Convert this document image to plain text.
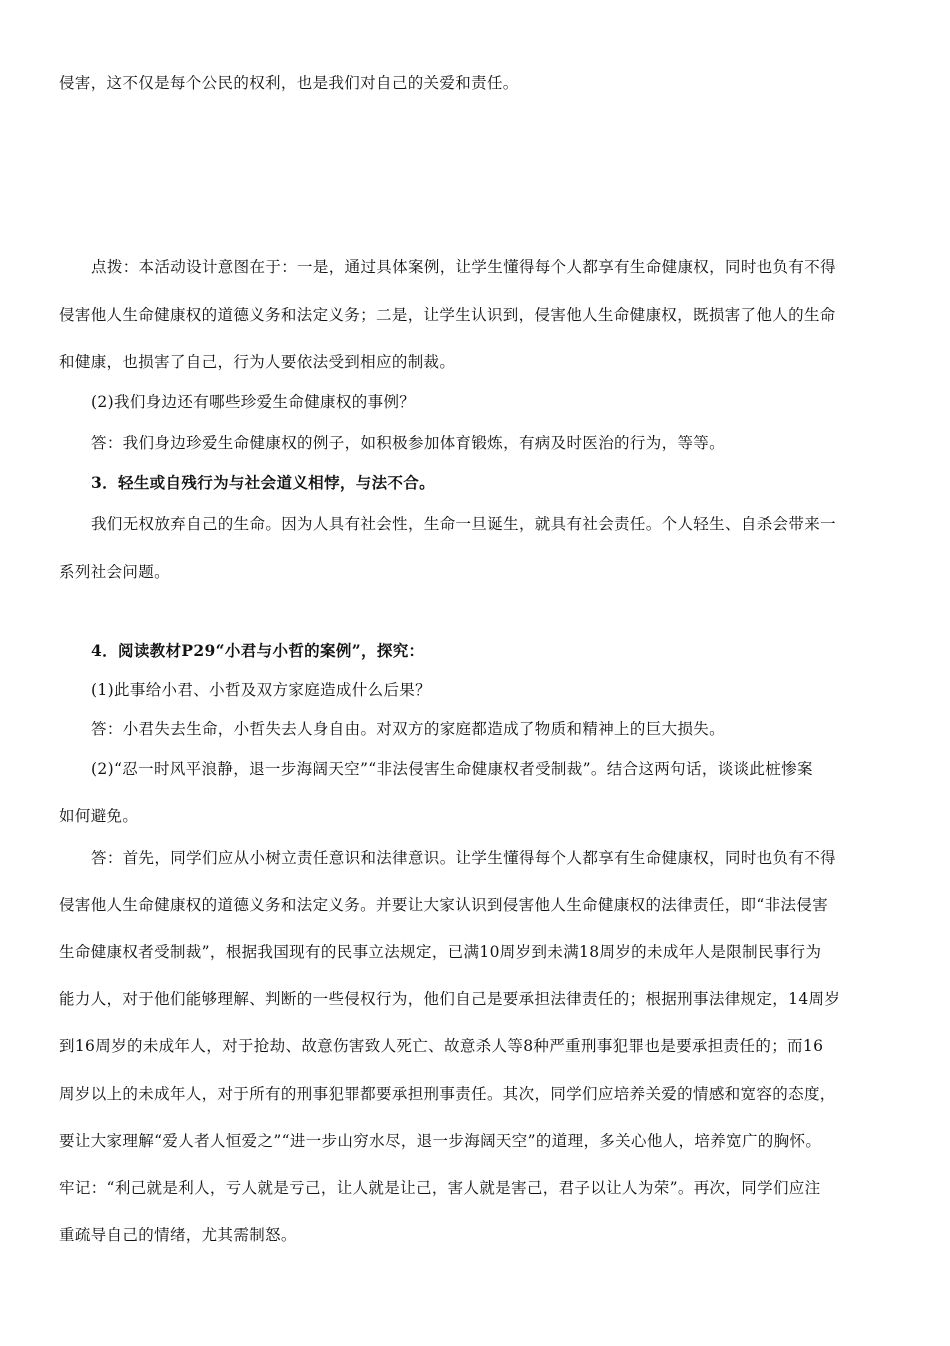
侵害，这不仅是每个公民的权利，也是我们对自己的关爱和责任。
点拨：本活动设计意图在于：一是，通过具体案例，让学生懂得每个人都享有生命健康权，同时也负有不得
侵害他人生命健康权的道德义务和法定义务；二是，让学生认识到，侵害他人生命健康权，既损害了他人的生命
和健康，也损害了自己，行为人要依法受到相应的制裁。
(2)我们身边还有哪些珍爱生命健康权的事例？
答：我们身边珍爱生命健康权的例子，如积极参加体育锻炼，有病及时医治的行为，等等。
3．轻生或自残行为与社会道义相悖，与法不合。
我们无权放弃自己的生命。因为人具有社会性，生命一旦诞生，就具有社会责任。个人轻生、自杀会带来一
系列社会问题。
4．阅读教材P29“小君与小哲的案例”，探究：
(1)此事给小君、小哲及双方家庭造成什么后果？
答：小君失去生命，小哲失去人身自由。对双方的家庭都造成了物质和精神上的巨大损失。
(2)“忍一时风平浪静，退一步海阔天空”“非法侵害生命健康权者受制裁”。结合这两句话，谈谈此桩惨案
如何避免。
答：首先，同学们应从小树立责任意识和法律意识。让学生懂得每个人都享有生命健康权，同时也负有不得
侵害他人生命健康权的道德义务和法定义务。并要让大家认识到侵害他人生命健康权的法律责任，即“非法侵害
生命健康权者受制裁”，根据我国现有的民事立法规定，已满10周岁到未满18周岁的未成年人是限制民事行为
能力人，对于他们能够理解、判断的一些侵权行为，他们自己是要承担法律责任的；根据刑事法律规定，14周岁
到16周岁的未成年人，对于抢劫、故意伤害致人死亡、故意杀人等8种严重刑事犯罪也是要承担责任的；而16
周岁以上的未成年人，对于所有的刑事犯罪都要承担刑事责任。其次，同学们应培养关爱的情感和宽容的态度，
要让大家理解“爱人者人恒爱之”“进一步山穷水尽，退一步海阔天空”的道理，多关心他人，培养宽广的胸怀。
牢记：“利己就是利人，亏人就是亏己，让人就是让己，害人就是害己，君子以让人为荣”。再次，同学们应注
重疏导自己的情绪，尤其需制怒。
